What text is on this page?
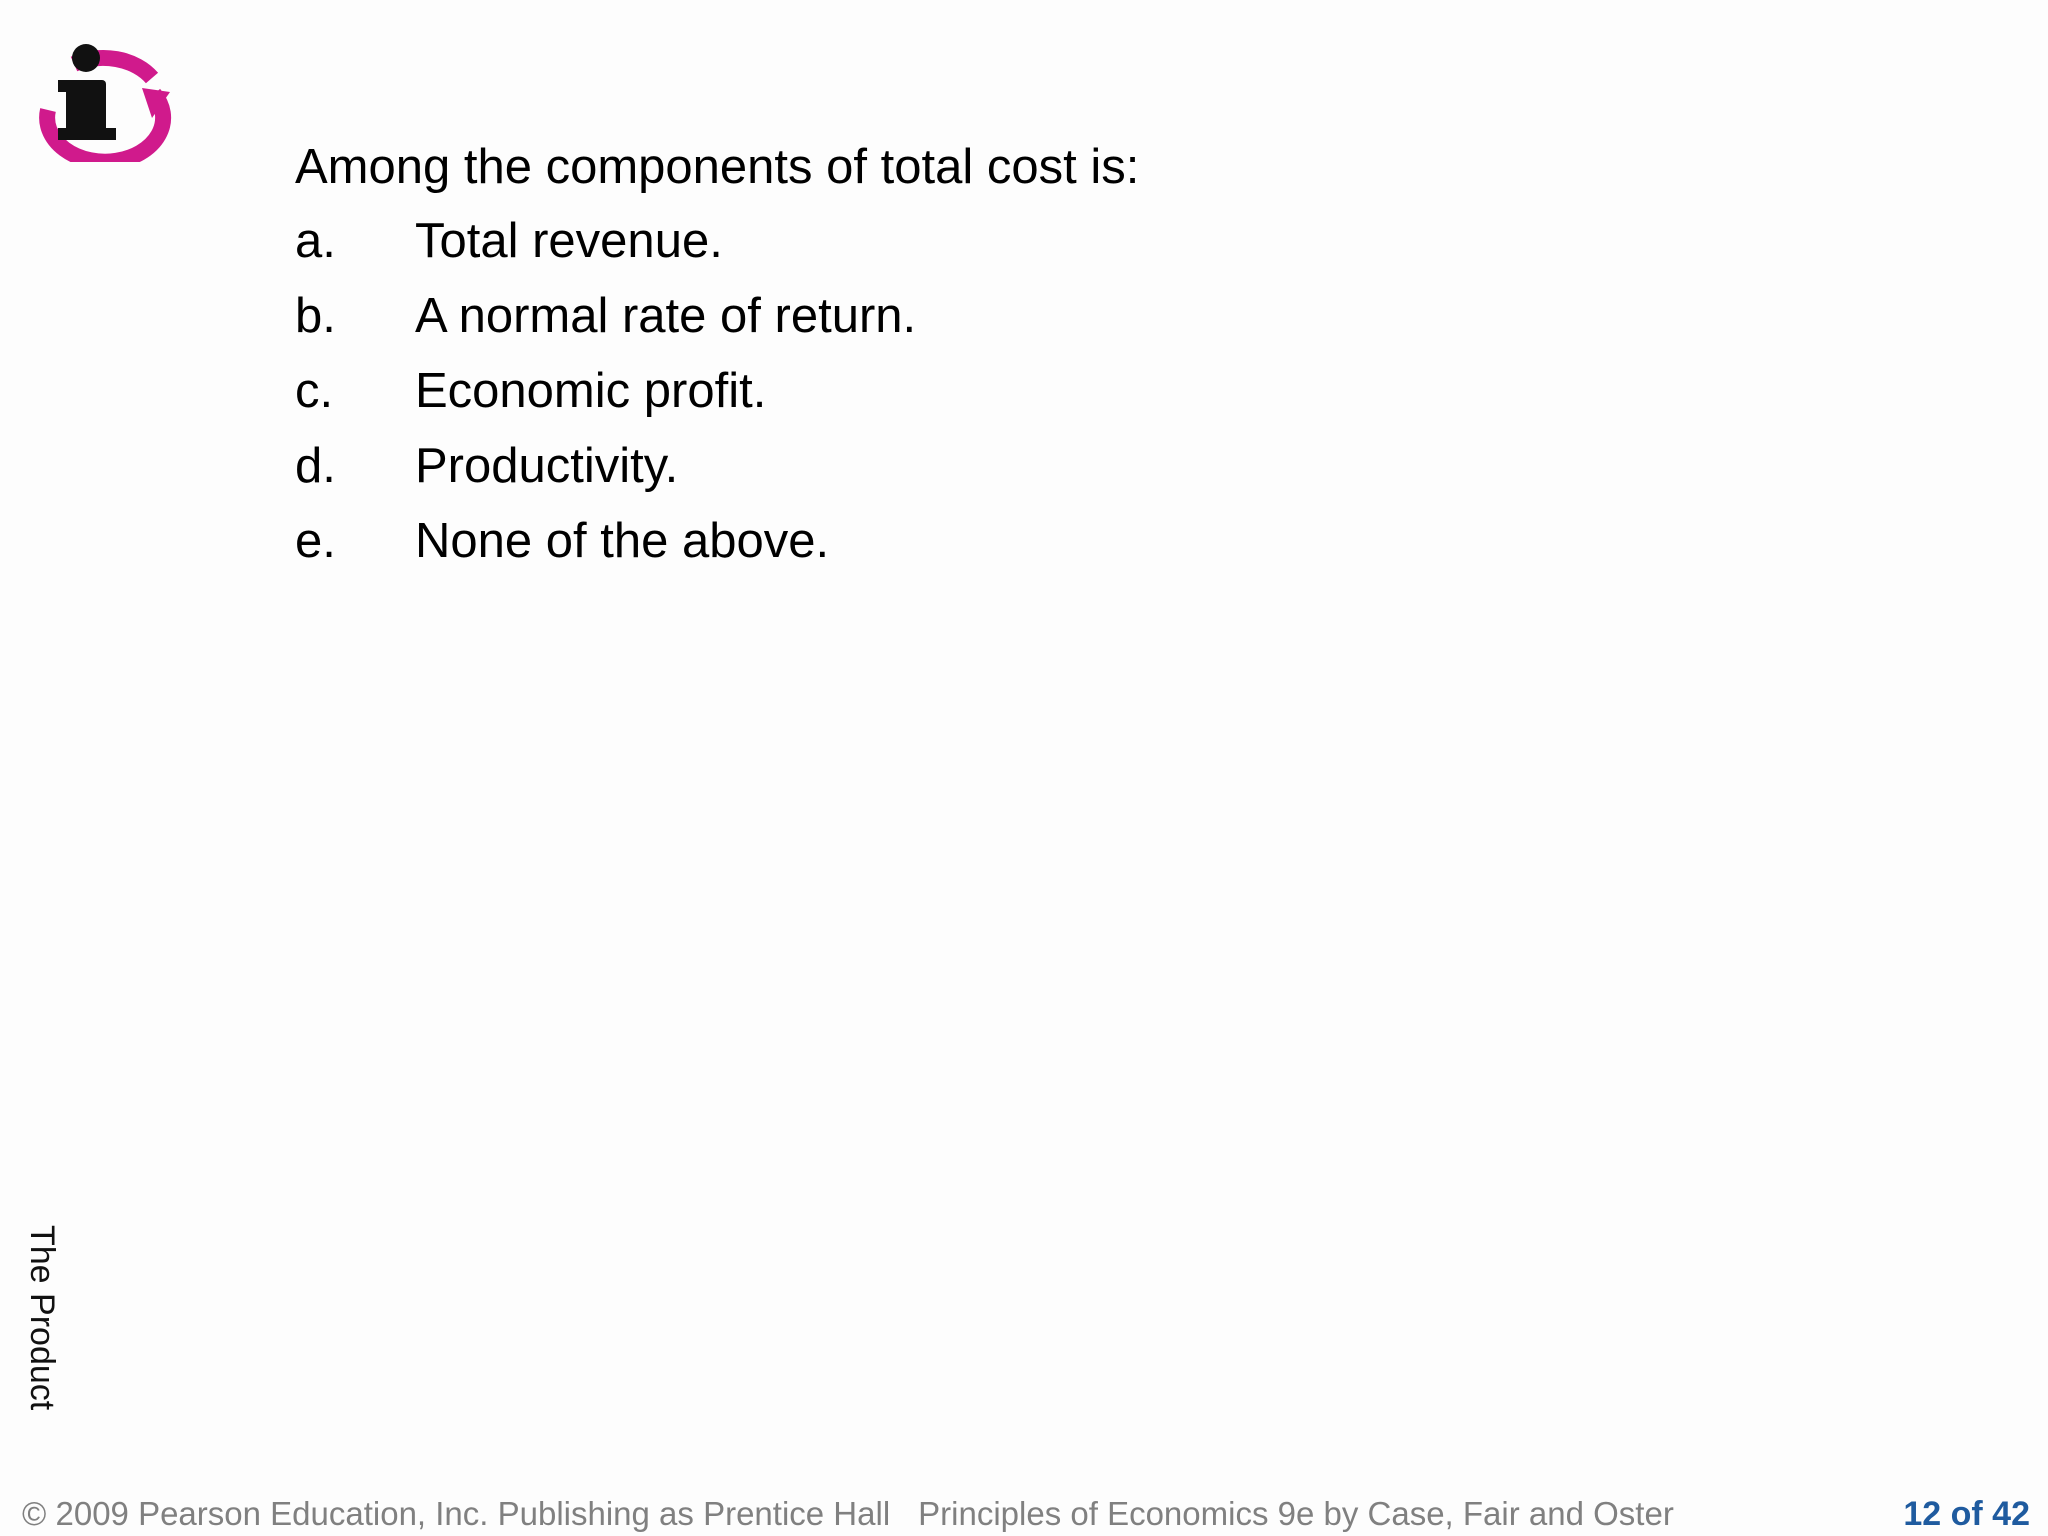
Among the components of total cost is:
a.	Total revenue.
b.	A normal rate of return.
c.	Economic profit.
d.	Productivity.
e.	None of the above.
The Product
© 2009 Pearson Education, Inc. Publishing as Prentice Hall Principles of Economics 9e by Case, Fair and Oster	12 of 42
